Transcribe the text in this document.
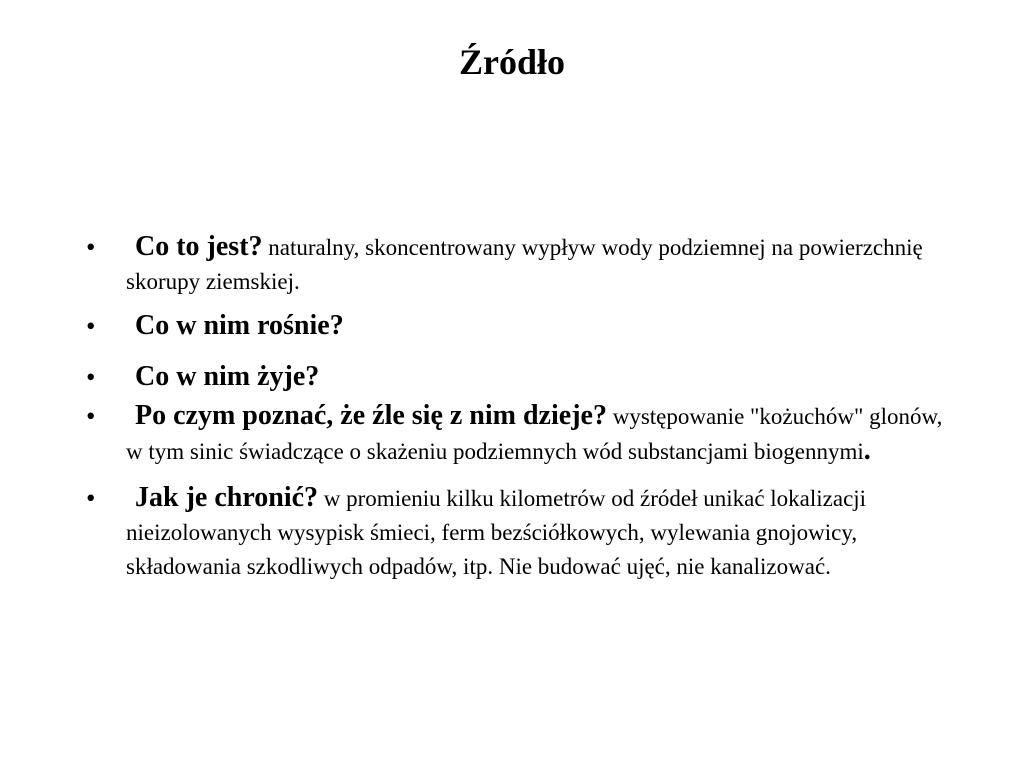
Źródło
• Co to jest? naturalny, skoncentrowany wypływ wody podziemnej na powierzchnię skorupy ziemskiej.
• Co w nim rośnie?
• Co w nim żyje?
• Po czym poznać, że źle się z nim dzieje? występowanie "kożuchów" glonów, w tym sinic świadczące o skażeniu podziemnych wód substancjami biogennymi.
• Jak je chronić? w promieniu kilku kilometrów od źródeł unikać lokalizacji nieizolowanych wysypisk śmieci, ferm bezściółkowych, wylewania gnojowicy, składowania szkodliwych odpadów, itp. Nie budować ujęć, nie kanalizować.
